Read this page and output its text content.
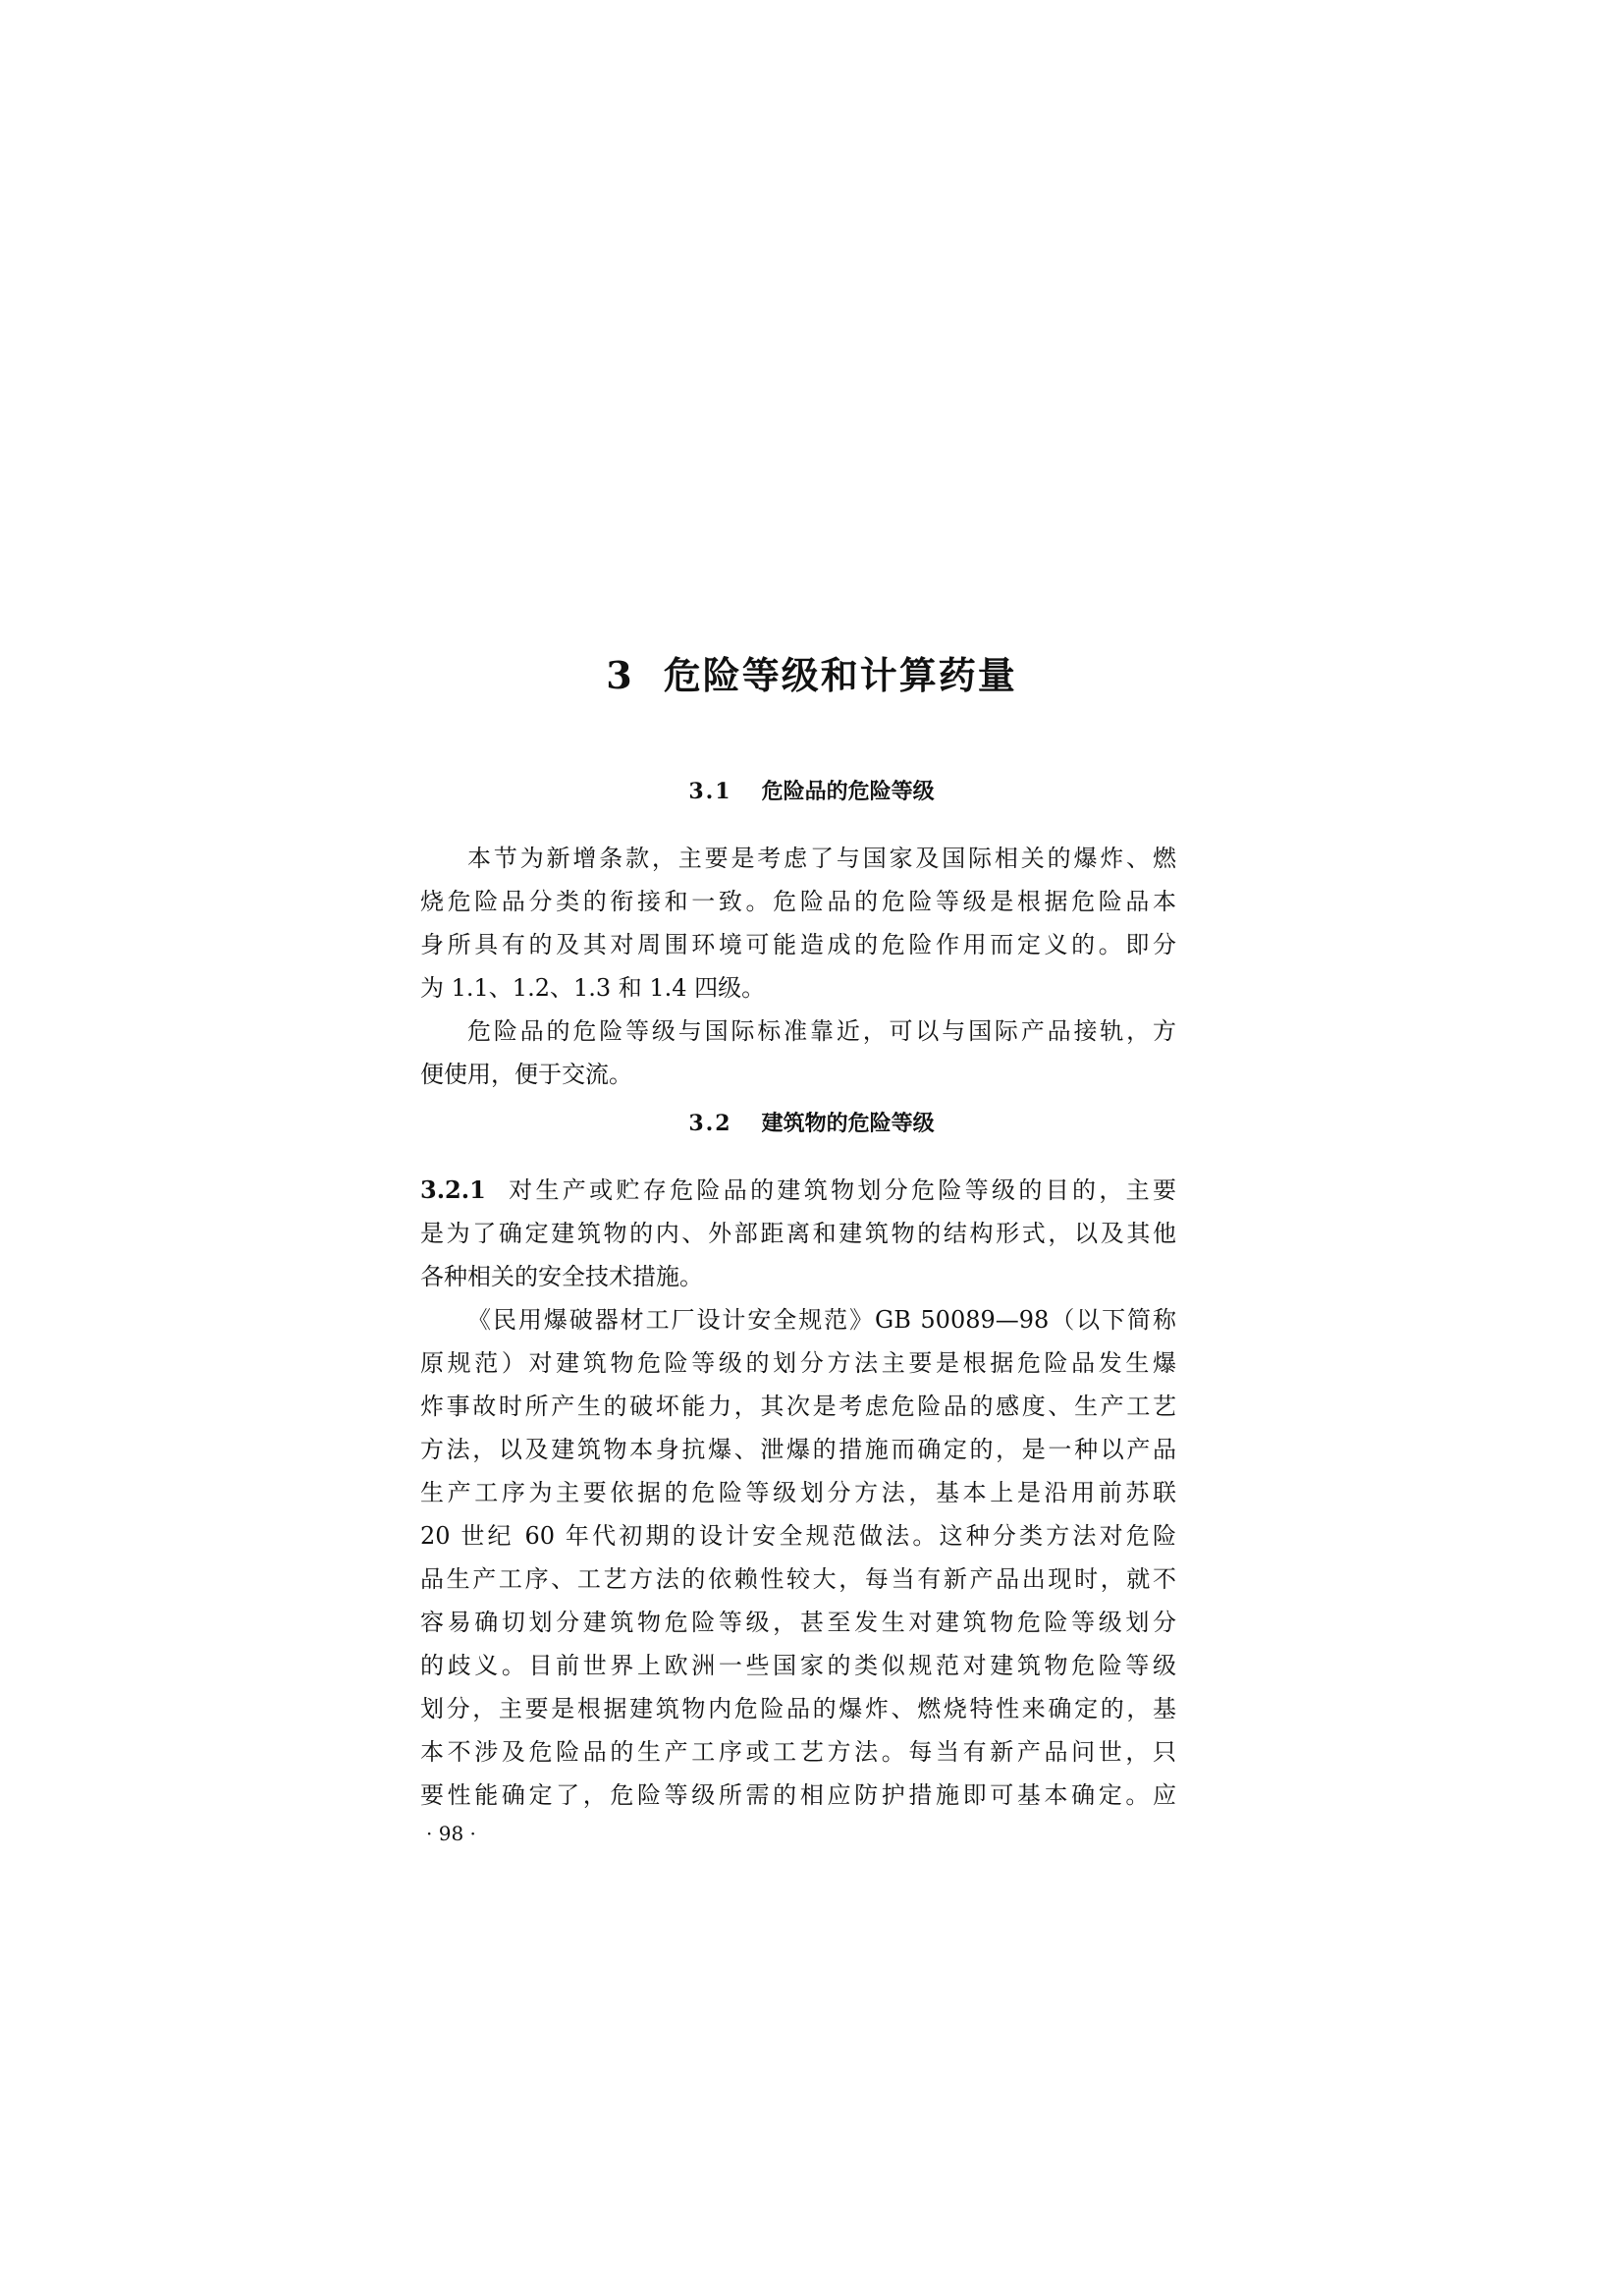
3 危险等级和计算药量
3.1 危险品的危险等级
本节为新增条款，主要是考虑了与国家及国际相关的爆炸、燃
烧危险品分类的衔接和一致。危险品的危险等级是根据危险品本
身所具有的及其对周围环境可能造成的危险作用而定义的。即分
为 1.1、1.2、1.3 和 1.4 四级。
危险品的危险等级与国际标准靠近，可以与国际产品接轨，方
便使用，便于交流。
3.2 建筑物的危险等级
3.2.1 对生产或贮存危险品的建筑物划分危险等级的目的，主要
是为了确定建筑物的内、外部距离和建筑物的结构形式，以及其他
各种相关的安全技术措施。
《民用爆破器材工厂设计安全规范》GB 50089—98（以下简称
原规范）对建筑物危险等级的划分方法主要是根据危险品发生爆
炸事故时所产生的破坏能力，其次是考虑危险品的感度、生产工艺
方法，以及建筑物本身抗爆、泄爆的措施而确定的，是一种以产品
生产工序为主要依据的危险等级划分方法，基本上是沿用前苏联
20 世纪 60 年代初期的设计安全规范做法。这种分类方法对危险
品生产工序、工艺方法的依赖性较大，每当有新产品出现时，就不
容易确切划分建筑物危险等级，甚至发生对建筑物危险等级划分
的歧义。目前世界上欧洲一些国家的类似规范对建筑物危险等级
划分，主要是根据建筑物内危险品的爆炸、燃烧特性来确定的，基
本不涉及危险品的生产工序或工艺方法。每当有新产品问世，只
要性能确定了，危险等级所需的相应防护措施即可基本确定。应
· 98 ·
